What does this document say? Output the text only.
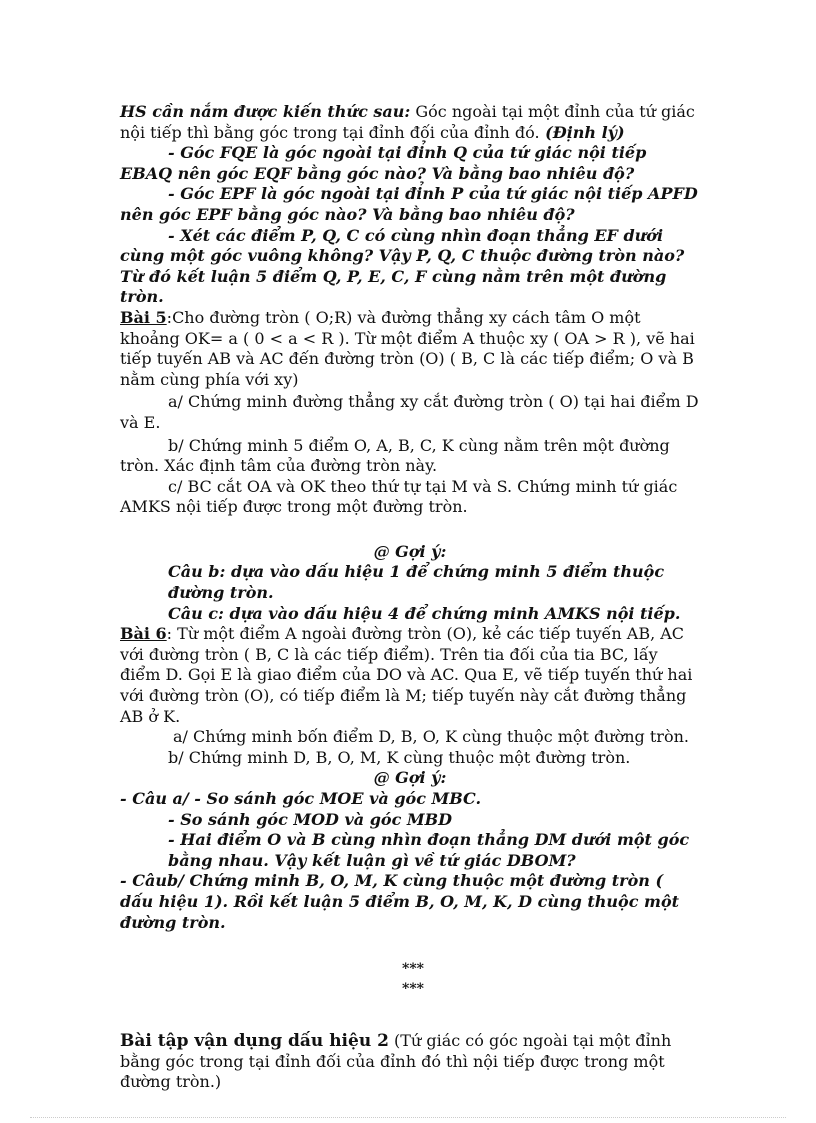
HS cần nắm được kiến thức sau: Góc ngoài tại một đỉnh của tứ giác nội tiếp thì bằng góc trong tại đỉnh đối của đỉnh đó. (Định lý)

- Góc FQE là góc ngoài tại đỉnh Q của tứ giác nội tiếp EBAQ nên góc EQF bằng góc nào? Và bằng bao nhiêu độ?

- Góc EPF là góc ngoài tại đỉnh P của tứ giác nội tiếp APFD nên góc EPF bằng góc nào? Và bằng bao nhiêu độ?

- Xét các điểm P, Q, C có cùng nhìn đoạn thẳng EF dưới cùng một góc vuông không? Vậy P, Q, C thuộc đường tròn nào? Từ đó kết luận 5 điểm Q, P, E, C, F cùng nằm trên một đường tròn.

Bài 5:Cho đường tròn ( O;R) và đường thẳng xy cách tâm O một khoảng OK= a ( 0 < a < R ). Từ một điểm A thuộc xy ( OA > R ), vẽ hai tiếp tuyến AB và AC đến đường tròn (O) ( B, C là các tiếp điểm; O và B nằm cùng phía với xy)

a/ Chứng minh đường thẳng xy cắt đường tròn ( O) tại hai điểm D và E.

b/ Chứng minh 5 điểm O, A, B, C, K cùng nằm trên một đường tròn. Xác định tâm của đường tròn này.

c/ BC cắt OA và OK theo thứ tự tại M và S. Chứng minh tứ giác AMKS nội tiếp được trong một đường tròn.

@ Gợi ý:

Câu b: dựa vào dấu hiệu 1 để chứng minh 5 điểm thuộc đường tròn.

Câu c: dựa vào dấu hiệu 4 để chứng minh AMKS nội tiếp.

Bài 6: Từ một điểm A ngoài đường tròn (O), kẻ các tiếp tuyến AB, AC với đường tròn ( B, C là các tiếp điểm). Trên tia đối của tia BC, lấy điểm D. Gọi E là giao điểm của DO và AC. Qua E, vẽ tiếp tuyến thứ hai với đường tròn (O), có tiếp điểm là M; tiếp tuyến này cắt đường thẳng AB ở K.

a/ Chứng minh bốn điểm D, B, O, K cùng thuộc một đường tròn.

b/ Chứng minh D, B, O, M, K cùng thuộc một đường tròn.

@ Gợi ý:

- Câu a/ - So sánh góc MOE và góc MBC.

- So sánh góc MOD và góc MBD

- Hai điểm O và B cùng nhìn đoạn thẳng DM dưới một góc bằng nhau. Vậy kết luận gì về tứ giác DBOM?

- Câub/ Chứng minh B, O, M, K cùng thuộc một đường tròn ( dấu hiệu 1). Rồi kết luận 5 điểm B, O, M, K, D cùng thuộc một đường tròn.

***

***

Bài tập vận dụng dấu hiệu 2 (Tứ giác có góc ngoài tại một đỉnh bằng góc trong tại đỉnh đối của đỉnh đó thì nội tiếp được trong một đường tròn.)
